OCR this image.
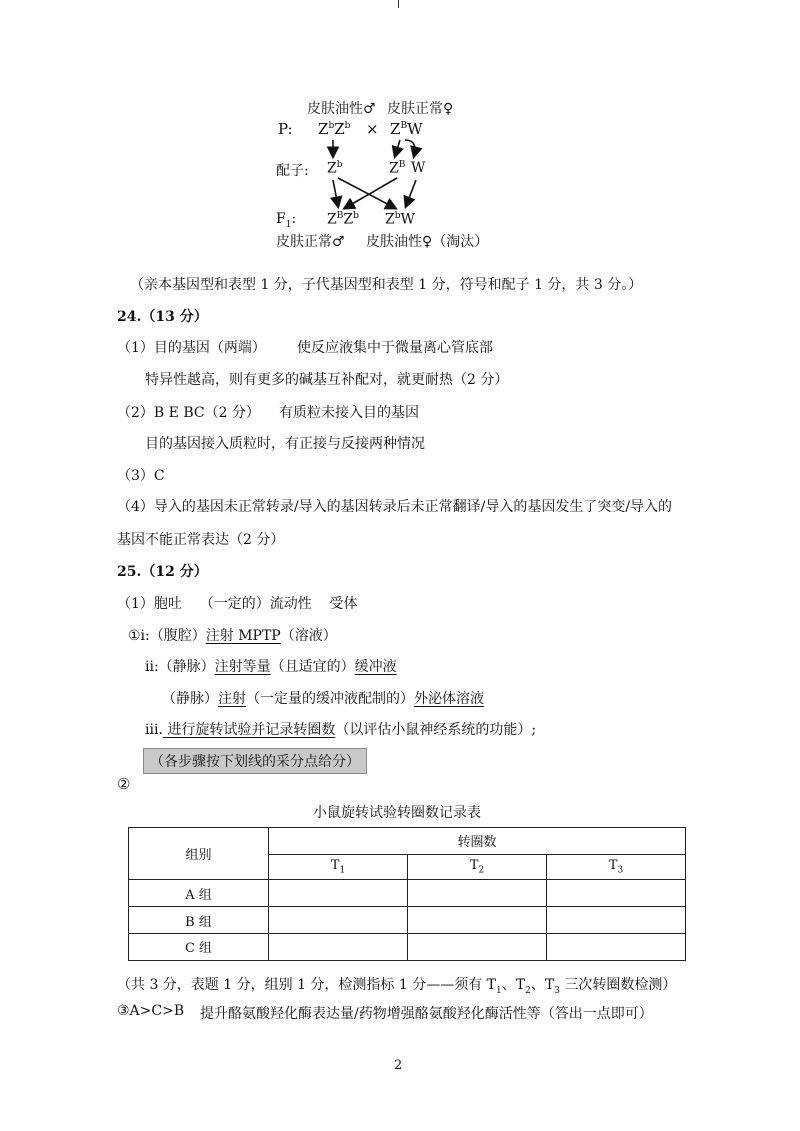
皮肤油性♂ 皮肤正常♀
P: $Z^bZ^b \times Z^BW$
配子: $Z^b$	$Z^B$ W
$F_1$: $Z^BZ^b$ $Z^bW$
皮肤正常♂ 皮肤油性♀（淘汰）
（亲本基因型和表型 1 分，子代基因型和表型 1 分，符号和配子 1 分，共 3 分。）
24.（13 分）
（1）目的基因（两端） 使反应液集中于微量离心管底部
特异性越高，则有更多的碱基互补配对，就更耐热（2 分）
（2）B E BC（2 分） 有质粒未接入目的基因
目的基因接入质粒时，有正接与反接两种情况
（3）C
（4）导入的基因未正常转录/导入的基因转录后未正常翻译/导入的基因发生了突变/导入的
基因不能正常表达（2 分）
25.（12 分）
（1）胞吐    （一定的）流动性    受体
①i:（腹腔）注射 MPTP（溶液）
ii:（静脉）注射等量（且适宜的）缓冲液
（静脉）注射（一定量的缓冲液配制的）外泌体溶液
iii. 进行旋转试验并记录转圈数（以评估小鼠神经系统的功能）;
（各步骤按下划线的采分点给分）
②
小鼠旋转试验转圈数记录表
组别	转圈数		
	$T_1$	$T_2$	$T_3$
A 组			
B 组			
C 组			
（共 3 分，表题 1 分，组别 1 分，检测指标 1 分——须有 $T_1$、$T_2$、$T_3$ 三次转圈数检测）
③A>C>B 提升酪氨酸羟化酶表达量/药物增强酪氨酸羟化酶活性等（答出一点即可）
2
